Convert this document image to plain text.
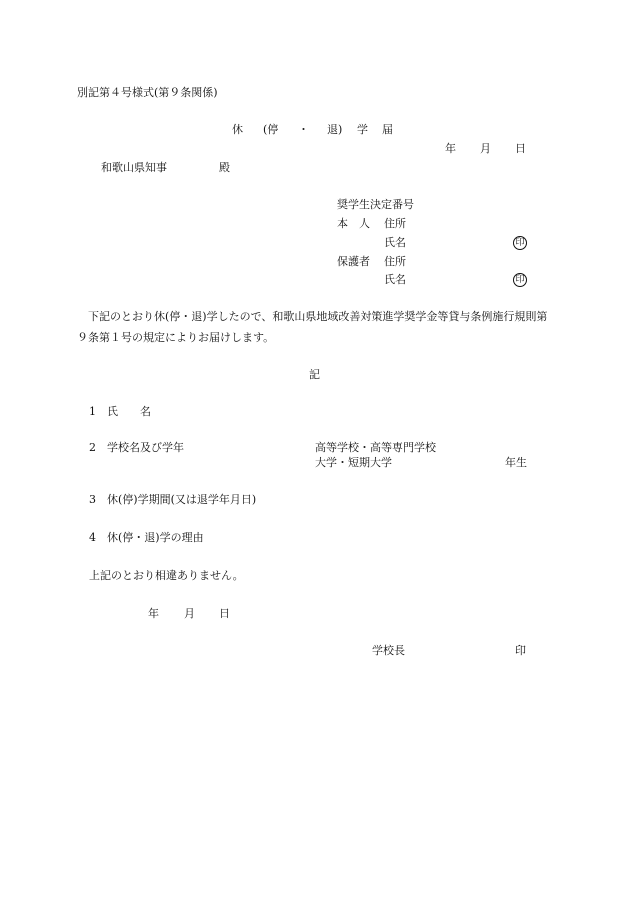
別記第４号様式(第９条関係)
休 (停 ・ 退) 学 届
年 月 日
和歌山県知事	殿
奨学生決定番号
本　人 住所
氏名	印
保護者 住所
氏名	印
下記のとおり休(停・退)学したので、和歌山県地域改善対策進学奨学金等貸与条例施行規則第９条第１号の規定によりお届けします。
記
1 氏　　名
2 学校名及び学年	高等学校・高等専門学校
大学・短期大学	年生
3 休(停)学期間(又は退学年月日)
4 休(停・退)学の理由
上記のとおり相違ありません。
年 月 日
学校長	印
